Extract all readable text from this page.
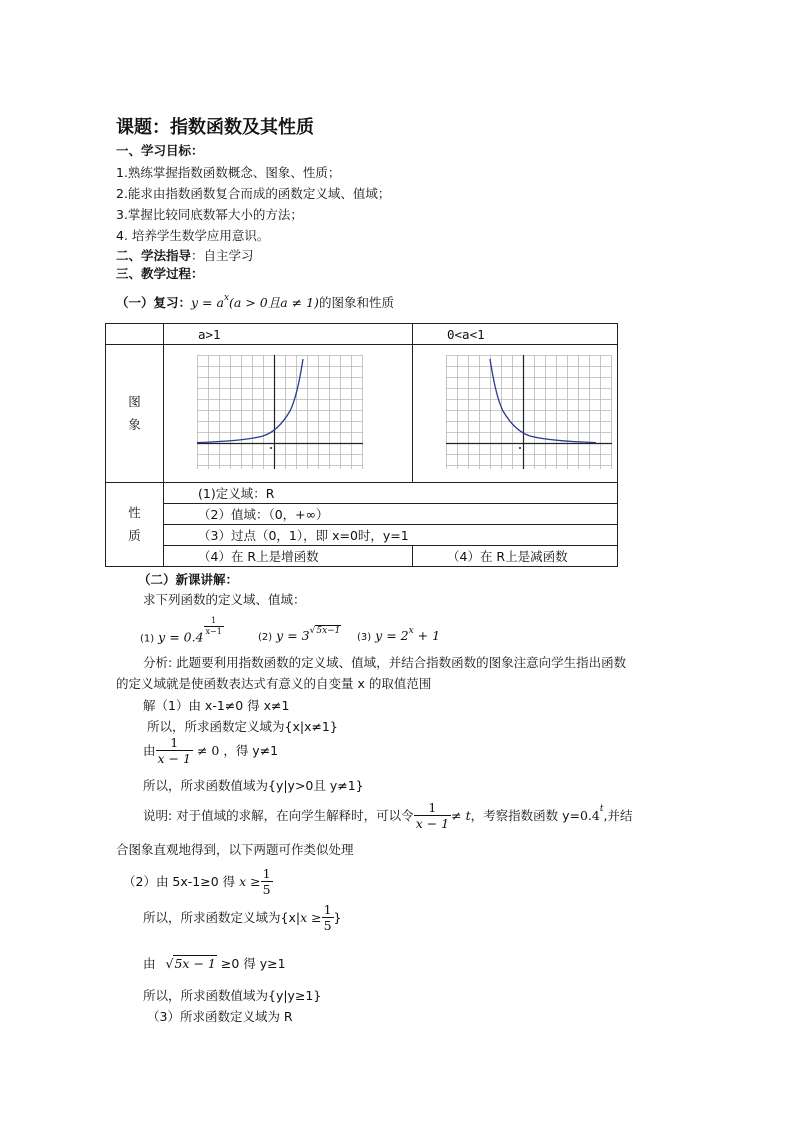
课题：指数函数及其性质
一、学习目标：
1.熟练掌握指数函数概念、图象、性质；
2.能求由指数函数复合而成的函数定义域、值域；
3.掌握比较同底数幂大小的方法；
4. 培养学生数学应用意识。
二、学法指导：自主学习
三、教学过程：
（一）复习：$y = a^x(a > 0$且a ≠ 1)的图象和性质
	a>1	0<a<1
图
象	

性
质	(1)定义域：R	
	（2）值域：（0，+∞）	
	（3）过点（0，1），即 x=0时，y=1	
	（4）在 R上是增函数	（4）在 R上是减函数
（二）新课讲解：
求下列函数的定义域、值域：
(1) y = 0.4
$\frac{1}{x-1}$
(2) $y = 3^{√5x-1}$
(3) $y = 2^x + 1$
分析: 此题要利用指数函数的定义域、值域，并结合指数函数的图象注意向学生指出函数
的定义域就是使函数表达式有意义的自变量 x 的取值范围
解（1）由 x-1≠0 得 x≠1
所以，所求函数定义域为{x|x≠1}
由 $\frac{1}{x - 1} \ne 0$ ，得 y≠1
所以，所求函数值域为{y|y>0且 y≠1}
说明: 对于值域的求解，在向学生解释时，可以令 $\frac{1}{x - 1} \ne t$，考察指数函数 $y=0.4^t$,并结
合图象直观地得到，以下两题可作类似处理
（2）由 5x-1≥0 得 $x \ge \frac{1}{5}$
所以，所求函数定义域为{$x|x \ge \frac{1}{5}$ }
由 √5x − 1 ≥0 得 y≥1
所以，所求函数值域为{y|y≥1}
（3）所求函数定义域为 R
